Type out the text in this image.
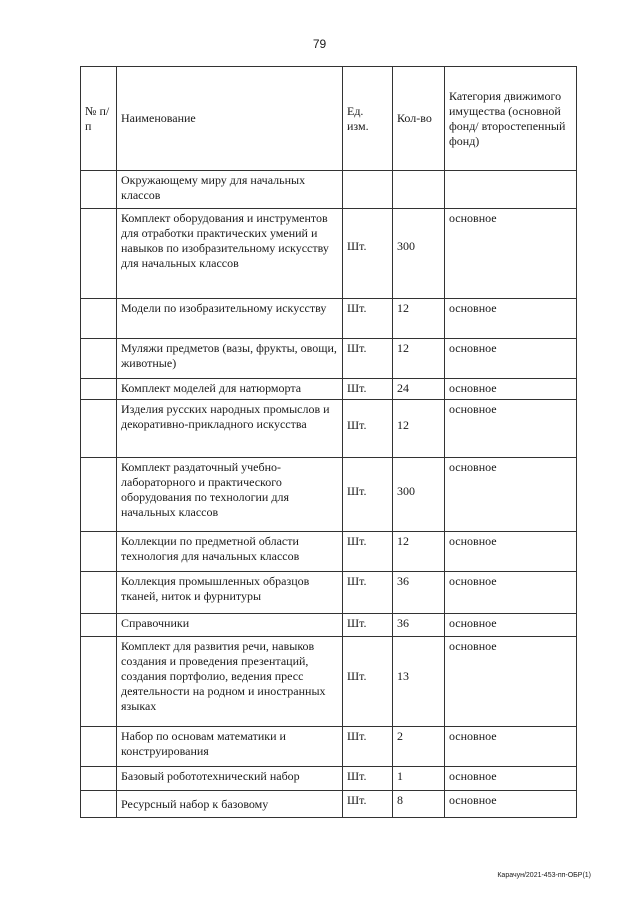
79
№ п/п	Наименование	Ед. изм.	Кол-во	Категория движимого имущества (основной фонд/ второстепенный фонд)
	Окружающему миру для начальных классов			
	Комплект оборудования и инструментов для отработки практических умений и навыков по изобразительному искусству для начальных классов	Шт.	300	основное
	Модели по изобразительному искусству	Шт.	12	основное
	Муляжи предметов (вазы, фрукты, овощи, животные)	Шт.	12	основное
	Комплект моделей для натюрморта	Шт.	24	основное
	Изделия русских народных промыслов и декоративно-прикладного искусства	Шт.	12	основное
	Комплект раздаточный учебно-лабораторного и практического оборудования по технологии для начальных классов	Шт.	300	основное
	Коллекции по предметной области технология для начальных классов	Шт.	12	основное
	Коллекция промышленных образцов тканей, ниток и фурнитуры	Шт.	36	основное
	Справочники	Шт.	36	основное
	Комплект для развития речи, навыков создания и проведения презентаций, создания портфолио, ведения пресс деятельности на родном и иностранных языках	Шт.	13	основное
	Набор по основам математики и конструирования	Шт.	2	основное
	Базовый робототехнический набор	Шт.	1	основное
	Ресурсный набор к базовому	Шт.	8	основное
Карачун/2021-453-пп-ОБР(1)
